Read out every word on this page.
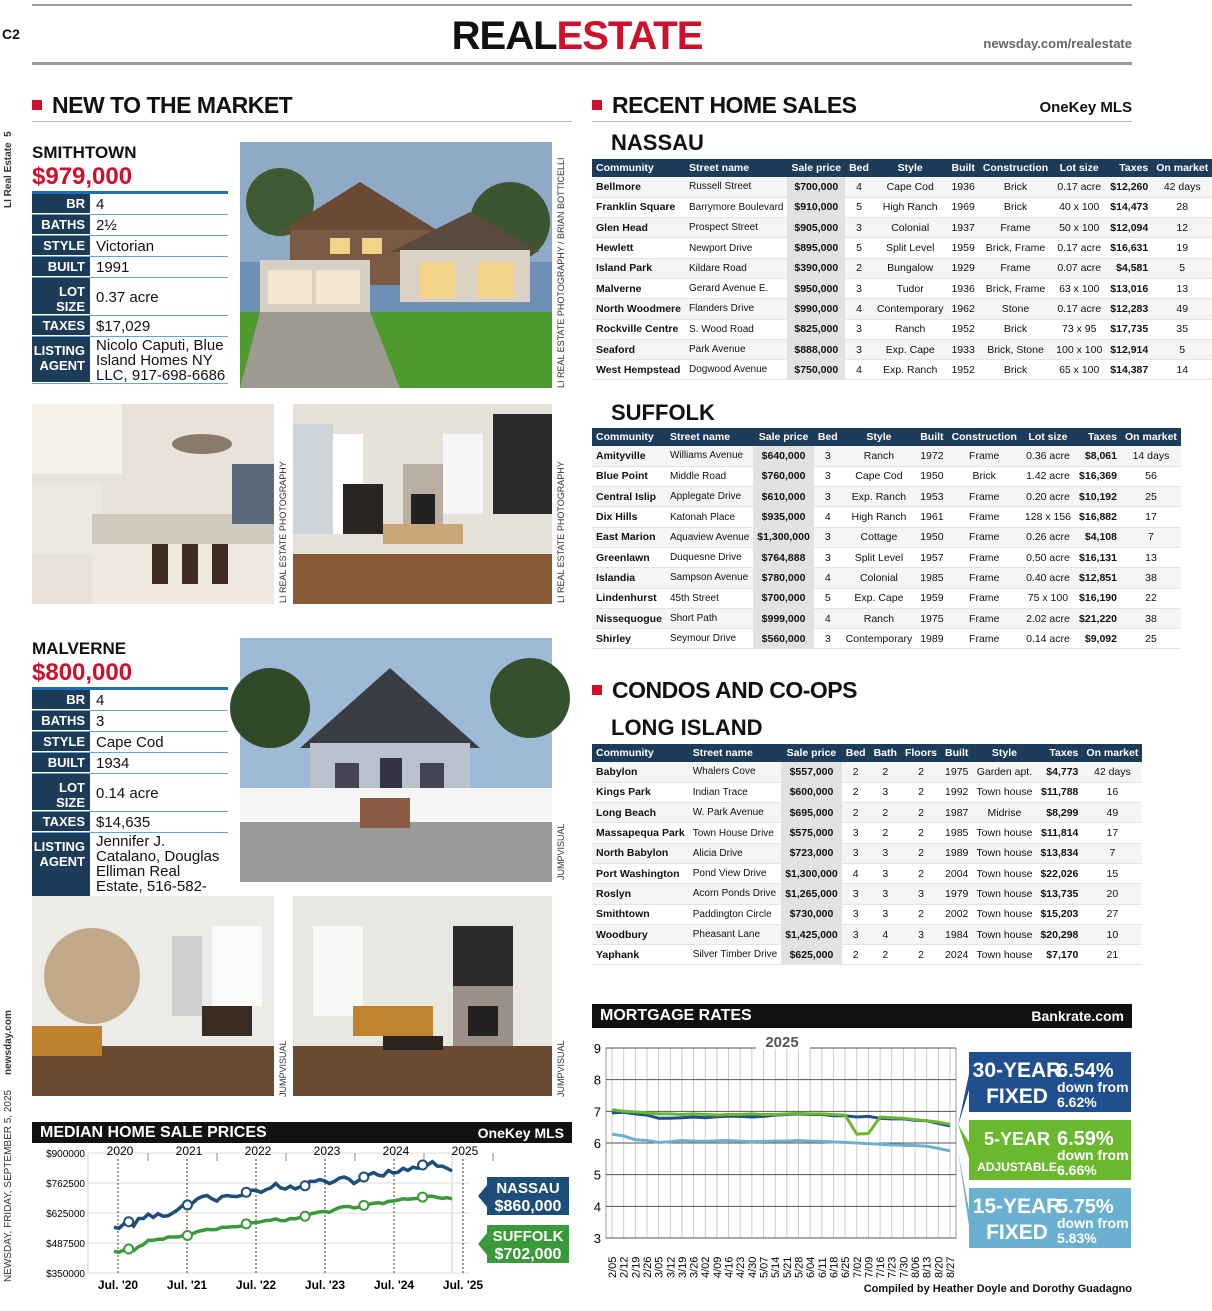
C2
LI Real Estate  5
newsday.com
NEWSDAY, FRIDAY, SEPTEMBER 5, 2025
REALESTATE	newsday.com/realestate
NEW TO THE MARKET
SMITHTOWN
$979,000
BR 4
BATHS 2½
STYLE Victorian
BUILT 1991
LOT SIZE
0.37 acre
TAXES $17,029
LISTING AGENT
Nicolo Caputi, Blue Island Homes NY LLC, 917-698-6686	LI REAL ESTATE PHOTOGRAPHY / BRIAN BOTTICELLI
LI REAL ESTATE PHOTOGRAPHY	LI REAL ESTATE PHOTOGRAPHY
MALVERNE
$800,000
BR 4
BATHS 3
STYLE Cape Cod
BUILT 1934
LOT SIZE
0.14 acre
TAXES $14,635
LISTING AGENT
Jennifer J. Catalano, Douglas Elliman Real Estate, 516-582-
JUMPVISUAL
JUMPVISUAL	JUMPVISUAL
MEDIAN HOME SALE PRICES	OneKey MLS
$900000
$762500
$625000
$487500
$350000
2020
Jul. '20
2021
Jul. '21
2022
Jul. '22
2023
Jul. '23
2024
Jul. '24
2025
Jul. '25
NASSAU
$860,000
SUFFOLK
$702,000
RECENT HOME SALES	OneKey MLS
NASSAU
Community	Street name	Sale price	Bed	Style	Built	Construction	Lot size	Taxes	On market
Bellmore	Russell Street	$700,000	4	Cape Cod	1936	Brick	0.17 acre	$12,260	42 days
Franklin Square	Barrymore Boulevard	$910,000	5	High Ranch	1969	Brick	40 x 100	$14,473	28
Glen Head	Prospect Street	$905,000	3	Colonial	1937	Frame	50 x 100	$12,094	12
Hewlett	Newport Drive	$895,000	5	Split Level	1959	Brick, Frame	0.17 acre	$16,631	19
Island Park	Kildare Road	$390,000	2	Bungalow	1929	Frame	0.07 acre	$4,581	5
Malverne	Gerard Avenue E.	$950,000	3	Tudor	1936	Brick, Frame	63 x 100	$13,016	13
North Woodmere	Flanders Drive	$990,000	4	Contemporary	1962	Stone	0.17 acre	$12,283	49
Rockville Centre	S. Wood Road	$825,000	3	Ranch	1952	Brick	73 x 95	$17,735	35
Seaford	Park Avenue	$888,000	3	Exp. Cape	1933	Brick, Stone	100 x 100	$12,914	5
West Hempstead	Dogwood Avenue	$750,000	4	Exp. Ranch	1952	Brick	65 x 100	$14,387	14
SUFFOLK
Community	Street name	Sale price	Bed	Style	Built	Construction	Lot size	Taxes	On market
Amityville	Williams Avenue	$640,000	3	Ranch	1972	Frame	0.36 acre	$8,061	14 days
Blue Point	Middle Road	$760,000	3	Cape Cod	1950	Brick	1.42 acre	$16,369	56
Central Islip	Applegate Drive	$610,000	3	Exp. Ranch	1953	Frame	0.20 acre	$10,192	25
Dix Hills	Katonah Place	$935,000	4	High Ranch	1961	Frame	128 x 156	$16,882	17
East Marion	Aquaview Avenue	$1,300,000	3	Cottage	1950	Frame	0.26 acre	$4,108	7
Greenlawn	Duquesne Drive	$764,888	3	Split Level	1957	Frame	0.50 acre	$16,131	13
Islandia	Sampson Avenue	$780,000	4	Colonial	1985	Frame	0.40 acre	$12,851	38
Lindenhurst	45th Street	$700,000	5	Exp. Cape	1959	Frame	75 x 100	$16,190	22
Nissequogue	Short Path	$999,000	4	Ranch	1975	Frame	2.02 acre	$21,220	38
Shirley	Seymour Drive	$560,000	3	Contemporary	1989	Frame	0.14 acre	$9,092	25
CONDOS AND CO-OPS
LONG ISLAND
Community	Street name	Sale price	Bed	Bath	Floors	Built	Style	Taxes	On market
Babylon	Whalers Cove	$557,000	2	2	2	1975	Garden apt.	$4,773	42 days
Kings Park	Indian Trace	$600,000	2	3	2	1992	Town house	$11,788	16
Long Beach	W. Park Avenue	$695,000	2	2	2	1987	Midrise	$8,299	49
Massapequa Park	Town House Drive	$575,000	3	2	2	1985	Town house	$11,814	17
North Babylon	Alicia Drive	$723,000	3	3	2	1989	Town house	$13,834	7
Port Washington	Pond View Drive	$1,300,000	4	3	2	2004	Town house	$22,026	15
Roslyn	Acorn Ponds Drive	$1,265,000	3	3	3	1979	Town house	$13,735	20
Smithtown	Paddington Circle	$730,000	3	3	2	2002	Town house	$15,203	27
Woodbury	Pheasant Lane	$1,425,000	3	4	3	1984	Town house	$20,298	10
Yaphank	Silver Timber Drive	$625,000	2	2	2	2024	Town house	$7,170	21
MORTGAGE RATES	Bankrate.com
9
8
7
6
5
4
3
2025
2/05 2/12 2/19 2/26 3/05 3/12 3/19 3/26 4/02 4/09 4/16 4/23 4/30 5/07 5/14 5/21 5/28 6/04 6/11 6/18 6/25 7/02 7/09 7/16 7/23 7/30 8/06 8/13 8/20 8/27
30-YEAR
FIXED
6.54%
down from
6.62%
5-YEAR
ADJUSTABLE
6.59%
down from
6.66%
15-YEAR
FIXED
5.75%
down from
5.83%
Compiled by Heather Doyle and Dorothy Guadagno
